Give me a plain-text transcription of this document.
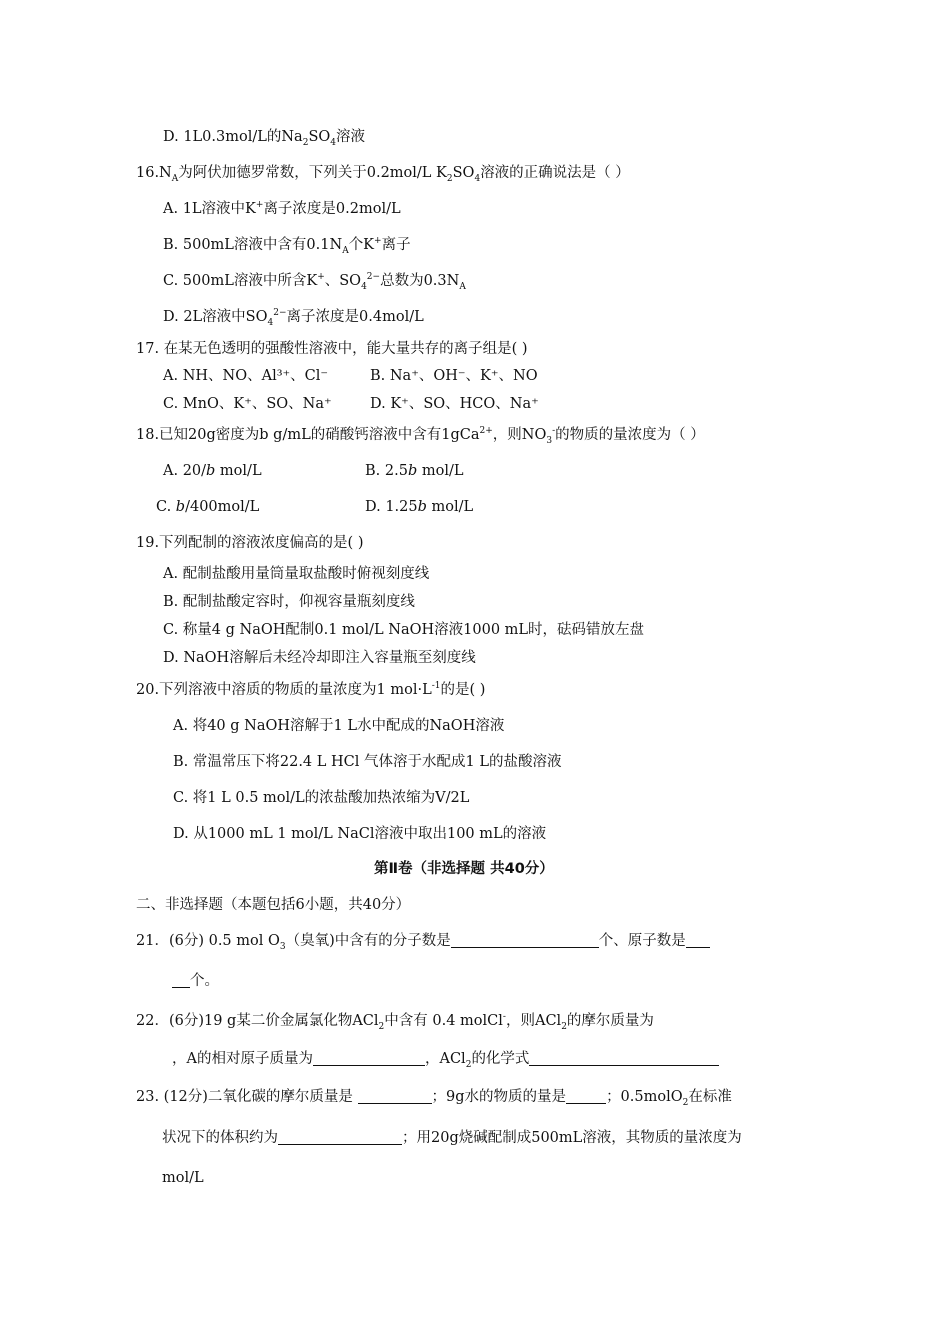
D. 1L0.3mol/L的$Na_2SO_4$溶液
$16.N_A$为阿伏加德罗常数，下列关于0.2mol/L $K_2SO_4$溶液的正确说法是（ ）
A. 1L溶液中K+离子浓度是0.2mol/L
B. 500mL溶液中含有$0.1N_A$个K+离子
C. 500mL溶液中所含K+、$SO_4^{2-}$总数为$0.3N_A$
D. 2L溶液中$SO_4^{2-}$离子浓度是0.4mol/L
17. 在某无色透明的强酸性溶液中，能大量共存的离子组是( )
A. NH、NO、Al³⁺、Cl⁻	B. Na⁺、OH⁻、K⁺、NO
C. MnO、K⁺、SO、Na⁺	D. K⁺、SO、HCO、Na⁺
18.已知20g密度为b g/mL的硝酸钙溶液中含有1gCa$^{2+}$，则$NO_3^-$的物质的量浓度为（ ）
A. 20/b mol/L	B. 2.5b mol/L
C. b/400mol/L	D. 1.25b mol/L
19.下列配制的溶液浓度偏高的是( )
A. 配制盐酸用量筒量取盐酸时俯视刻度线
B. 配制盐酸定容时，仰视容量瓶刻度线
C. 称量4 g NaOH配制0.1 mol/L NaOH溶液1000 mL时，砝码错放左盘
D. NaOH溶解后未经冷却即注入容量瓶至刻度线
20.下列溶液中溶质的物质的量浓度为1 $mol\cdot L^{-1}$的是( )
A. 将40 g NaOH溶解于1 L水中配成的NaOH溶液
B. 常温常压下将22.4 L HCl 气体溶于水配成1 L的盐酸溶液
C. 将1 L 0.5 mol/L的浓盐酸加热浓缩为V/2L
D. 从1000 mL 1 mol/L NaCl溶液中取出100 mL的溶液
第Ⅱ卷（非选择题 共40分）
二、非选择题（本题包括6小题，共40分）
21．(6分) 0.5 mol $O_3$（臭氧)中含有的分子数是	个、原子数是
个。
22．(6分)19 g某二价金属氯化物ACl$_2$中含有 0.4 molCl-，则ACl$_2$的摩尔质量为
，A的相对原子质量为	，ACl$_2$的化学式
23. (12分)二氧化碳的摩尔质量是	；9g水的物质的量是	；0.5molO$_2$在标准
状况下的体积约为	；用20g烧碱配制成500mL溶液，其物质的量浓度为
mol/L
